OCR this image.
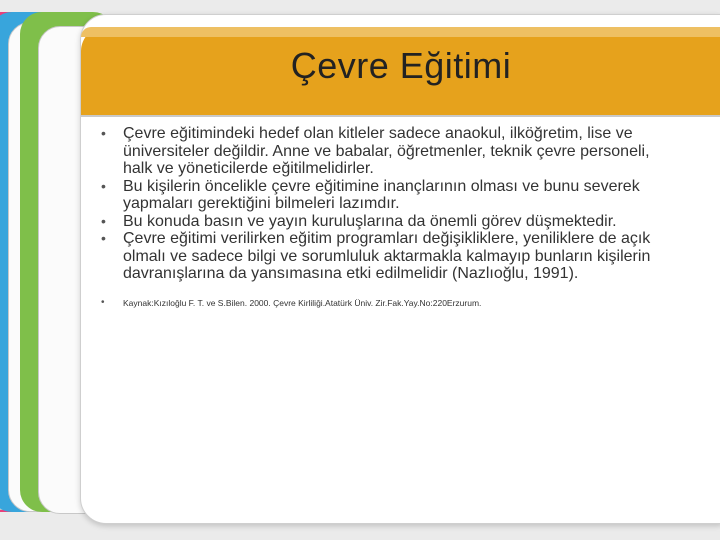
Çevre Eğitimi
• Çevre eğitimindeki hedef olan kitleler sadece anaokul, ilköğretim, lise ve üniversiteler değildir. Anne ve babalar, öğretmenler, teknik çevre personeli, halk ve yöneticilerde eğitilmelidirler.
• Bu kişilerin öncelikle çevre eğitimine inançlarının olması ve bunu severek yapmaları gerektiğini bilmeleri lazımdır.
• Bu konuda basın ve yayın kuruluşlarına da önemli görev düşmektedir.
• Çevre eğitimi verilirken eğitim programları değişikliklere, yeniliklere de açık olmalı ve sadece bilgi ve sorumluluk aktarmakla kalmayıp bunların kişilerin davranışlarına da yansımasına etki edilmelidir (Nazlıoğlu, 1991).
• Kaynak:Kızıloğlu F. T. ve S.Bilen. 2000. Çevre Kirliliği.Atatürk Üniv. Zir.Fak.Yay.No:220Erzurum.
